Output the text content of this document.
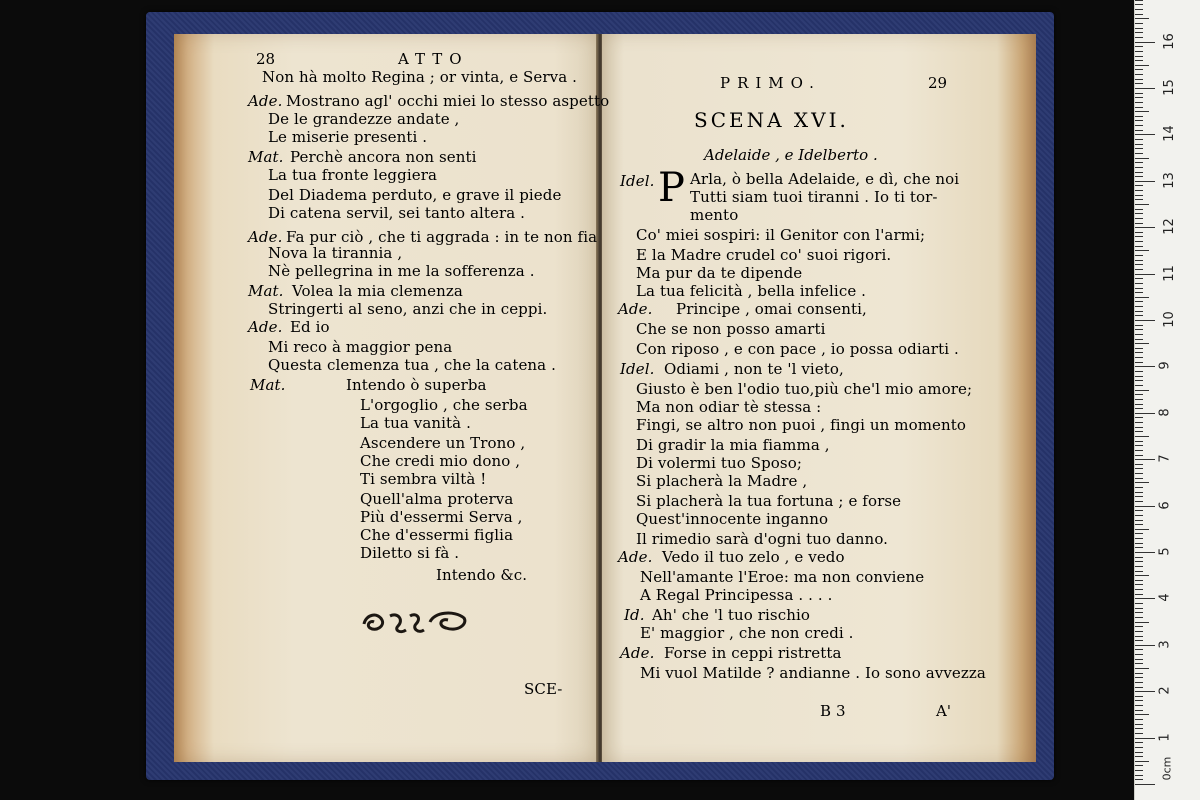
28	ATTO
Non hà molto Regina ; or vinta, e Serva .
Ade. Mostrano agl' occhi miei lo stesso aspetto
De le grandezze andate ,
Le miserie presenti .
Mat. Perchè ancora non senti
La tua fronte leggiera
Del Diadema perduto, e grave il piede
Di catena servil, sei tanto altera .
Ade. Fa pur ciò , che ti aggrada : in te non fia
Nova la tirannia ,
Nè pellegrina in me la sofferenza .
Mat. Volea la mia clemenza
Stringerti al seno, anzi che in ceppi.
Ade. Ed io
Mi reco à maggior pena
Questa clemenza tua , che la catena .
Mat.	Intendo ò superba
L'orgoglio , che serba
La tua vanità .
Ascendere un Trono ,
Che credi mio dono ,
Ti sembra viltà !
Quell'alma proterva
Più d'essermi Serva ,
Che d'essermi figlia
Diletto si fà .
Intendo &c.
SCE-
PRIMO.	29
SCENA XVI.
Adelaide , e Idelberto .
Idel. P Arla, ò bella Adelaide, e dì, che noi
Tutti siam tuoi tiranni . Io ti tor-
mento
Co' miei sospiri: il Genitor con l'armi;
E la Madre crudel co' suoi rigori.
Ma pur da te dipende
La tua felicità , bella infelice .
Ade. Principe , omai consenti,
Che se non posso amarti
Con riposo , e con pace , io possa odiarti .
Idel. Odiami , non te 'l vieto,
Giusto è ben l'odio tuo,più che'l mio amore;
Ma non odiar tè stessa :
Fingi, se altro non puoi , fingi un momento
Di gradir la mia fiamma ,
Di volermi tuo Sposo;
Si placherà la Madre ,
Si placherà la tua fortuna ; e forse
Quest'innocente inganno
Il rimedio sarà d'ogni tuo danno.
Ade. Vedo il tuo zelo , e vedo
Nell'amante l'Eroe: ma non conviene
A Regal Principessa . . . .
Id. Ah' che 'l tuo rischio
E' maggior , che non credi .
Ade. Forse in ceppi ristretta
Mi vuol Matilde ? andianne . Io sono avvezza
B 3	A'
0cm
1
2
3
4
5
6
7
8
9
10
11
12
13
14
15
16
